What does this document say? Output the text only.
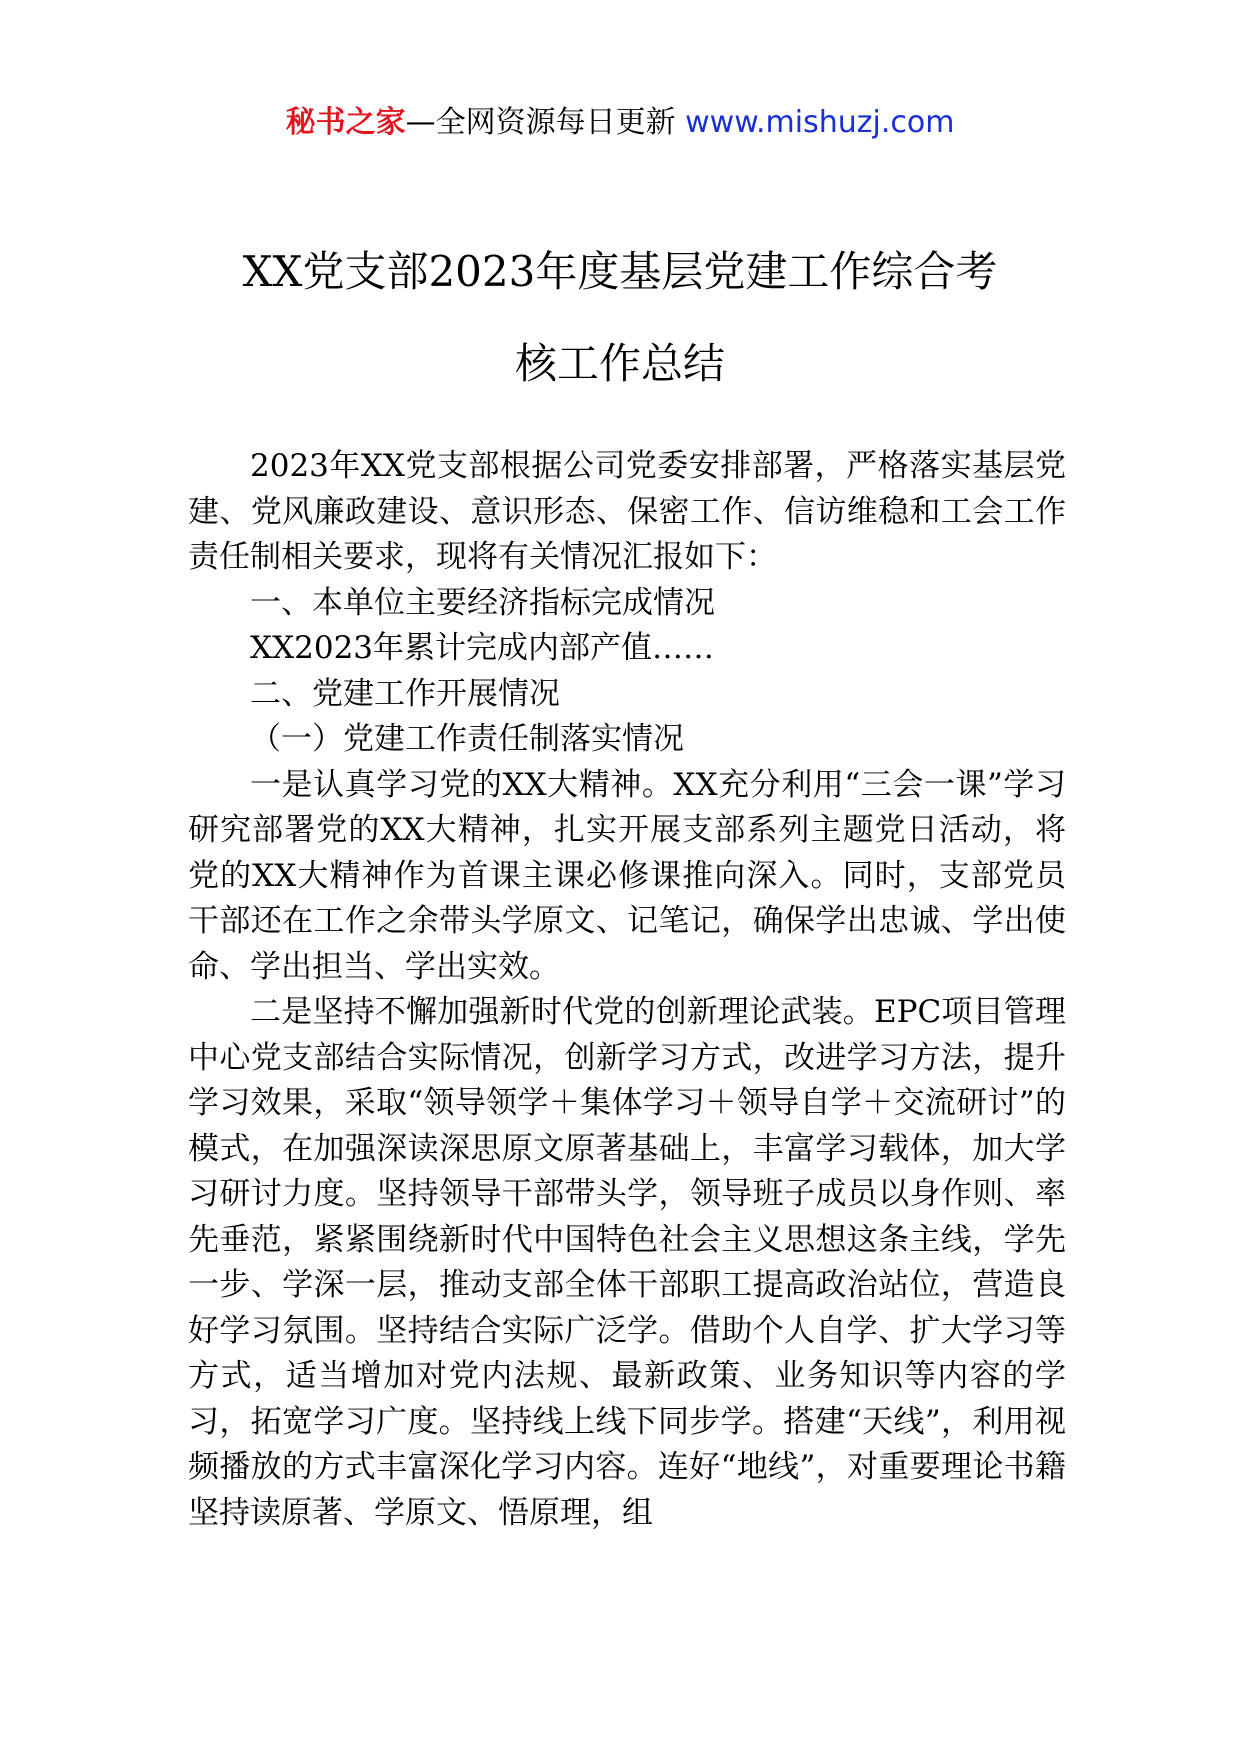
秘书之家—全网资源每日更新 www.mishuzj.com
XX党支部2023年度基层党建工作综合考
核工作总结

2023年XX党支部根据公司党委安排部署，严格落实基层党建、党风廉政建设、意识形态、保密工作、信访维稳和工会工作责任制相关要求，现将有关情况汇报如下：

一、本单位主要经济指标完成情况

XX2023年累计完成内部产值……

二、党建工作开展情况

（一）党建工作责任制落实情况

一是认真学习党的XX大精神。XX充分利用“三会一课”学习研究部署党的XX大精神，扎实开展支部系列主题党日活动，将党的XX大精神作为首课主课必修课推向深入。同时，支部党员干部还在工作之余带头学原文、记笔记，确保学出忠诚、学出使命、学出担当、学出实效。

二是坚持不懈加强新时代党的创新理论武装。EPC项目管理中心党支部结合实际情况，创新学习方式，改进学习方法，提升学习效果，采取“领导领学＋集体学习＋领导自学＋交流研讨”的模式，在加强深读深思原文原著基础上，丰富学习载体，加大学习研讨力度。坚持领导干部带头学，领导班子成员以身作则、率先垂范，紧紧围绕新时代中国特色社会主义思想这条主线，学先一步、学深一层，推动支部全体干部职工提高政治站位，营造良好学习氛围。坚持结合实际广泛学。借助个人自学、扩大学习等方式，适当增加对党内法规、最新政策、业务知识等内容的学习，拓宽学习广度。坚持线上线下同步学。搭建“天线”，利用视频播放的方式丰富深化学习内容。连好“地线”，对重要理论书籍坚持读原著、学原文、悟原理，组
